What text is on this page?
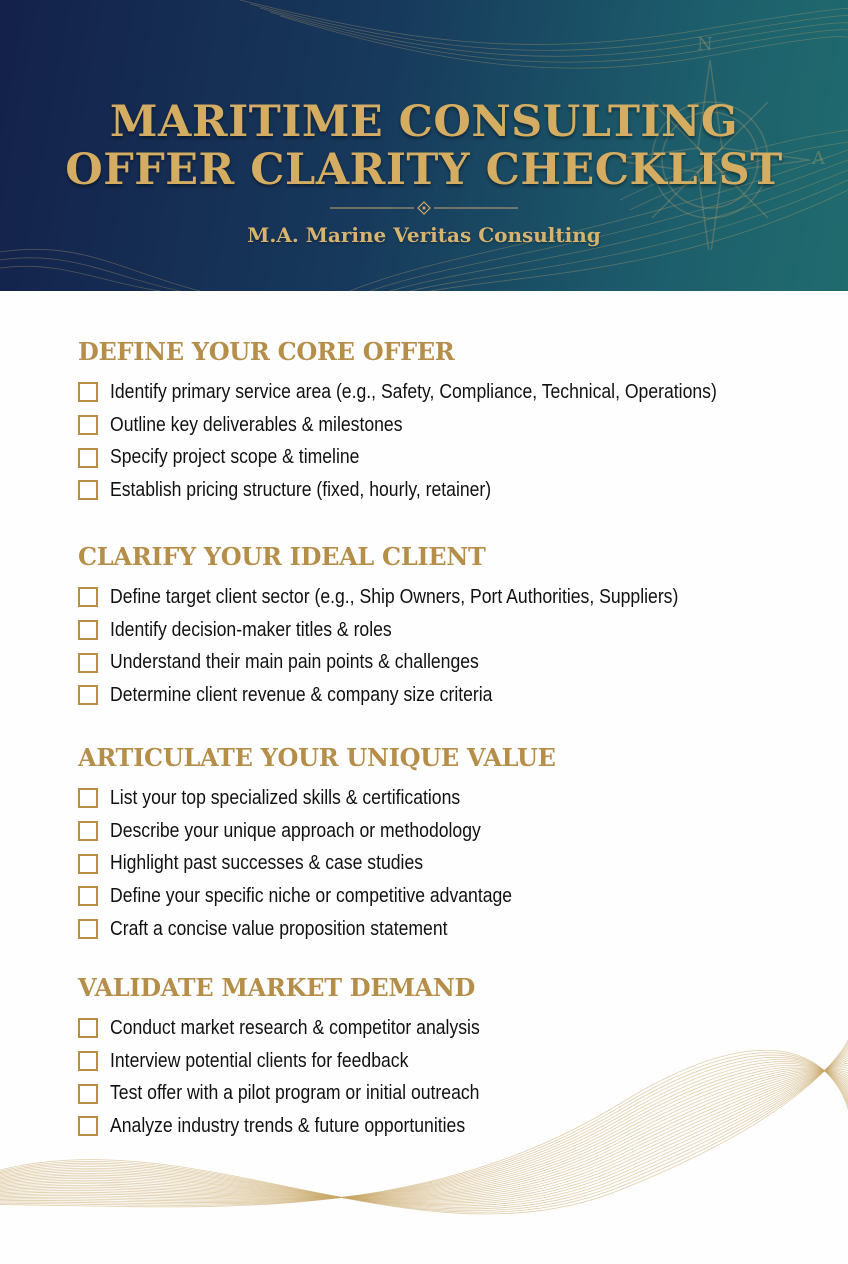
N
A
MARITIME CONSULTING
OFFER CLARITY CHECKLIST

M.A. Marine Veritas Consulting

DEFINE YOUR CORE OFFER
Identify primary service area (e.g., Safety, Compliance, Technical, Operations)
Outline key deliverables & milestones
Specify project scope & timeline
Establish pricing structure (fixed, hourly, retainer)
CLARIFY YOUR IDEAL CLIENT
Define target client sector (e.g., Ship Owners, Port Authorities, Suppliers)
Identify decision-maker titles & roles
Understand their main pain points & challenges
Determine client revenue & company size criteria
ARTICULATE YOUR UNIQUE VALUE
List your top specialized skills & certifications
Describe your unique approach or methodology
Highlight past successes & case studies
Define your specific niche or competitive advantage
Craft a concise value proposition statement
VALIDATE MARKET DEMAND
Conduct market research & competitor analysis
Interview potential clients for feedback
Test offer with a pilot program or initial outreach
Analyze industry trends & future opportunities
